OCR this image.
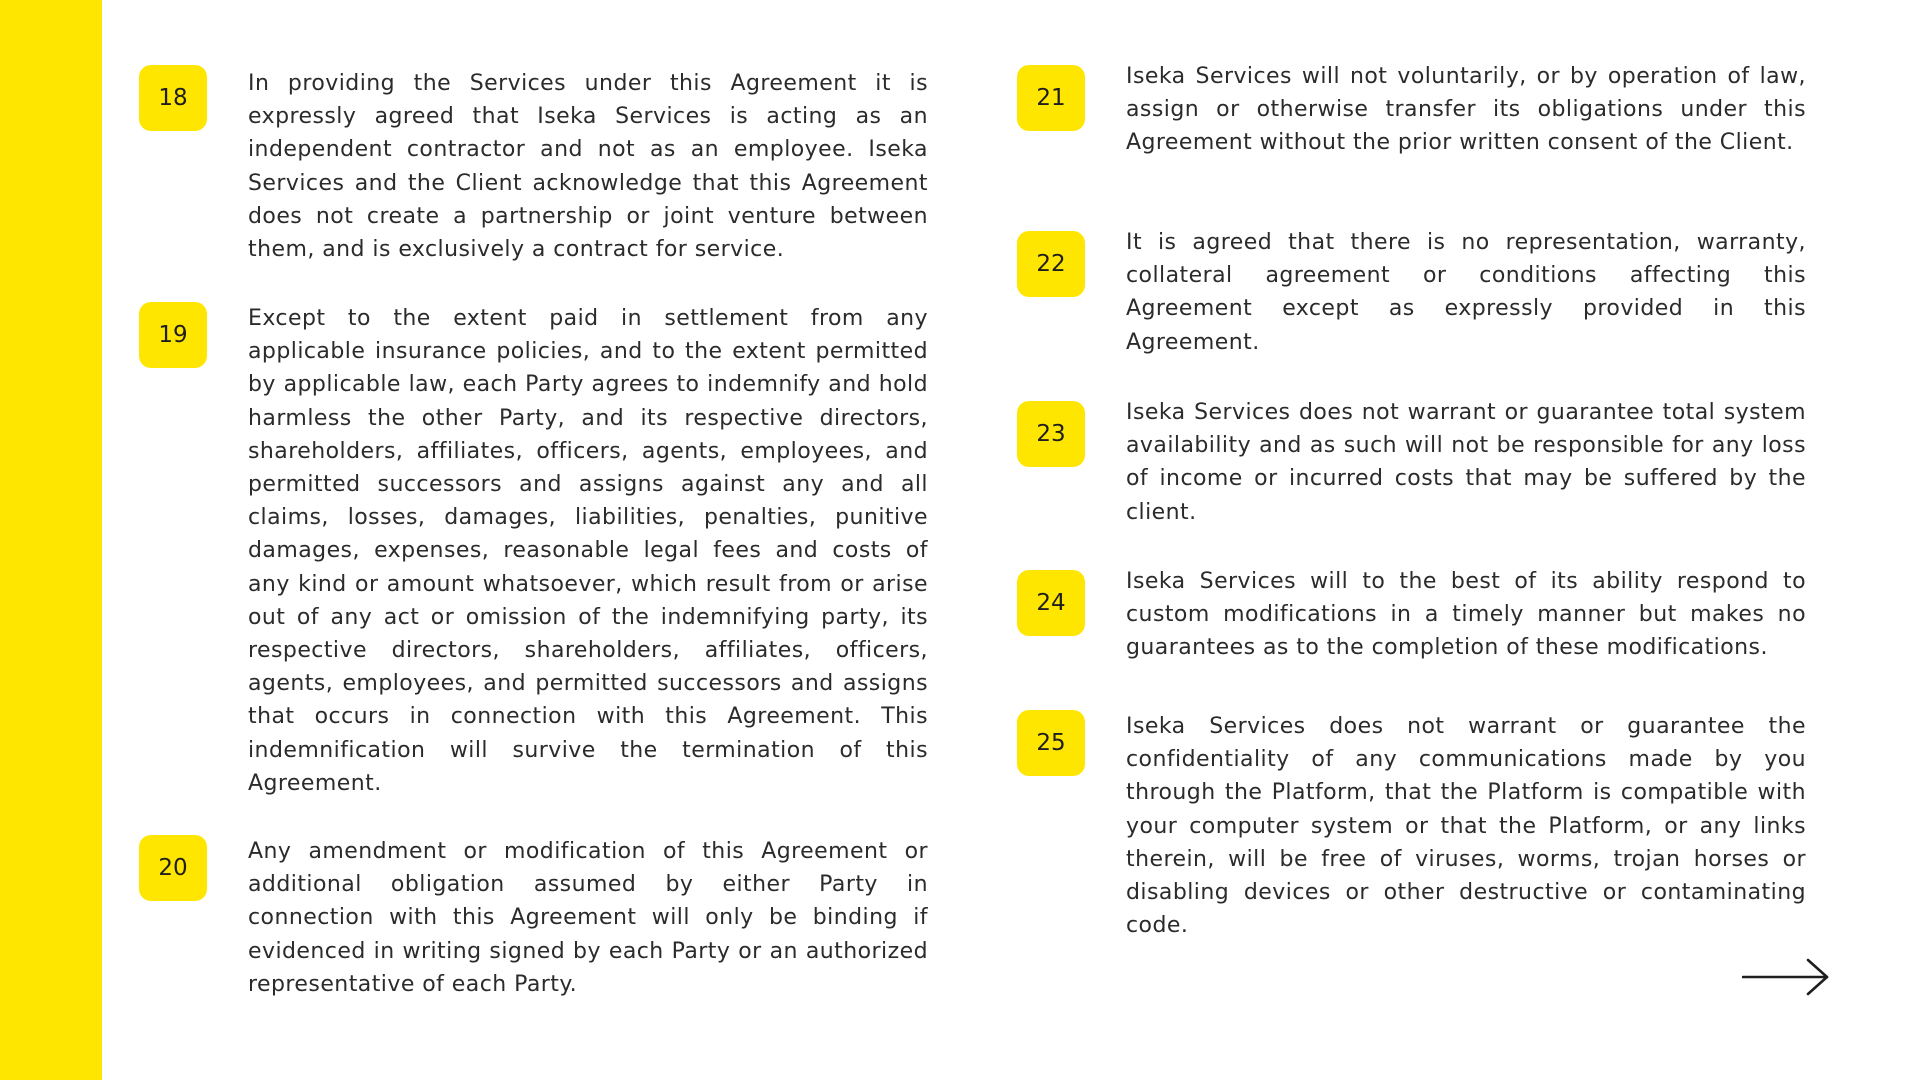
18

In providing the Services under this Agreement it is expressly agreed that Iseka Services is acting as an independent contractor and not as an employee. Iseka Services and the Client acknowledge that this Agreement does not create a partnership or joint venture between them, and is exclusively a contract for service.

19

Except to the extent paid in settlement from any applicable insurance policies, and to the extent permitted by applicable law, each Party agrees to indemnify and hold harmless the other Party, and its respective directors, shareholders, affiliates, officers, agents, employees, and permitted successors and assigns against any and all claims, losses, damages, liabilities, penalties, punitive damages, expenses, reasonable legal fees and costs of any kind or amount whatsoever, which result from or arise out of any act or omission of the indemnifying party, its respective directors, shareholders, affiliates, officers, agents, employees, and permitted successors and assigns that occurs in connection with this Agreement. This indemnification will survive the termination of this Agreement.

20

Any amendment or modification of this Agreement or additional obligation assumed by either Party in connection with this Agreement will only be binding if evidenced in writing signed by each Party or an authorized representative of each Party.

21

Iseka Services will not voluntarily, or by operation of law, assign or otherwise transfer its obligations under this Agreement without the prior written consent of the Client.

22

It is agreed that there is no representation, warranty, collateral agreement or conditions affecting this Agreement except as expressly provided in this Agreement.

23

Iseka Services does not warrant or guarantee total system availability and as such will not be responsible for any loss of income or incurred costs that may be suffered by the client.

24

Iseka Services will to the best of its ability respond to custom modifications in a timely manner but makes no guarantees as to the completion of these modifications.

25

Iseka Services does not warrant or guarantee the confidentiality of any communications made by you through the Platform, that the Platform is compatible with your computer system or that the Platform, or any links therein, will be free of viruses, worms, trojan horses or disabling devices or other destructive or contaminating code.
